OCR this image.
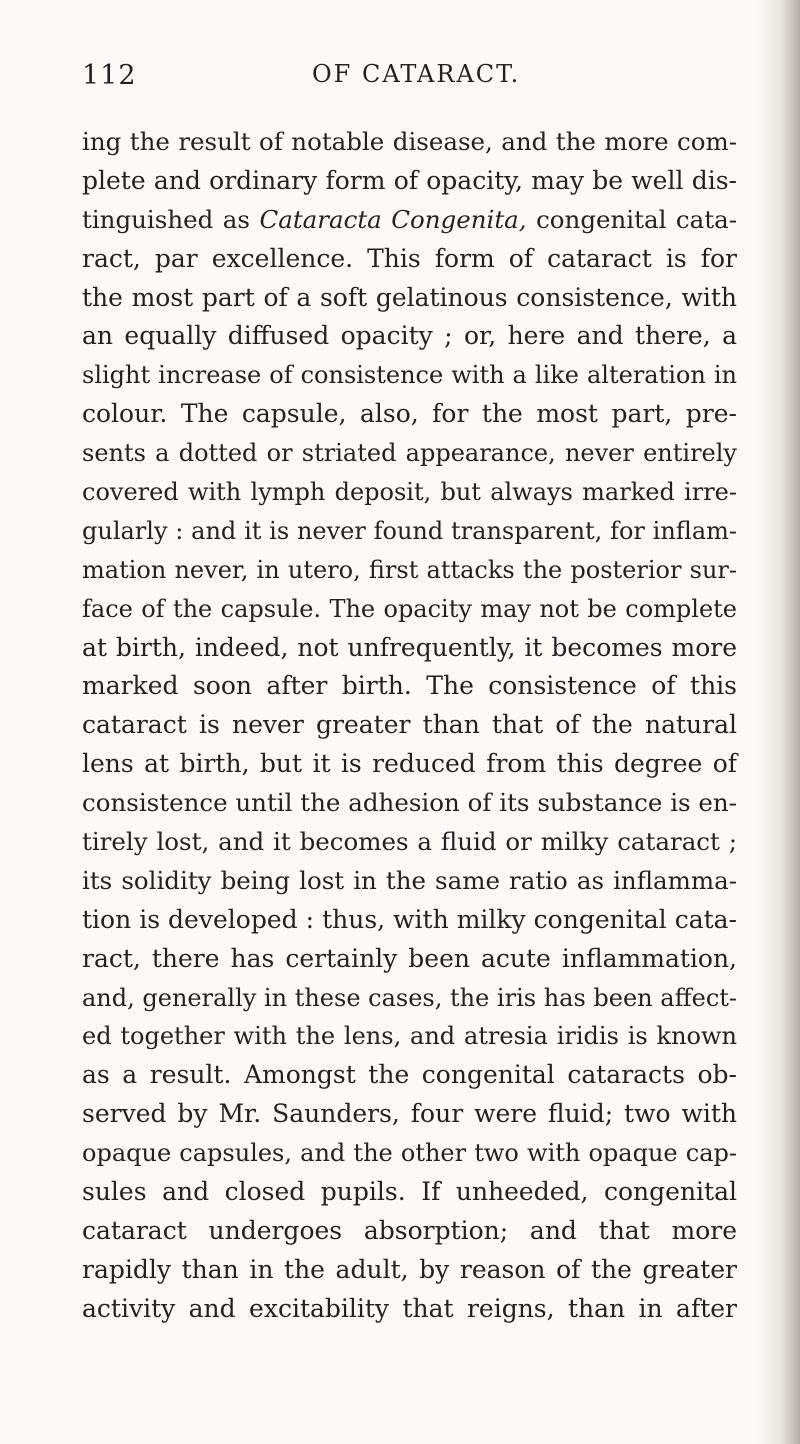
112	OF CATARACT.
ing the result of notable disease, and the more com-
plete and ordinary form of opacity, may be well dis-
tinguished as Cataracta Congenita, congenital cata-
ract, par excellence. This form of cataract is for
the most part of a soft gelatinous consistence, with
an equally diffused opacity ; or, here and there, a
slight increase of consistence with a like alteration in
colour. The capsule, also, for the most part, pre-
sents a dotted or striated appearance, never entirely
covered with lymph deposit, but always marked irre-
gularly : and it is never found transparent, for inflam-
mation never, in utero, first attacks the posterior sur-
face of the capsule. The opacity may not be complete
at birth, indeed, not unfrequently, it becomes more
marked soon after birth. The consistence of this
cataract is never greater than that of the natural
lens at birth, but it is reduced from this degree of
consistence until the adhesion of its substance is en-
tirely lost, and it becomes a fluid or milky cataract ;
its solidity being lost in the same ratio as inflamma-
tion is developed : thus, with milky congenital cata-
ract, there has certainly been acute inflammation,
and, generally in these cases, the iris has been affect-
ed together with the lens, and atresia iridis is known
as a result. Amongst the congenital cataracts ob-
served by Mr. Saunders, four were fluid; two with
opaque capsules, and the other two with opaque cap-
sules and closed pupils. If unheeded, congenital
cataract undergoes absorption; and that more
rapidly than in the adult, by reason of the greater
activity and excitability that reigns, than in after
